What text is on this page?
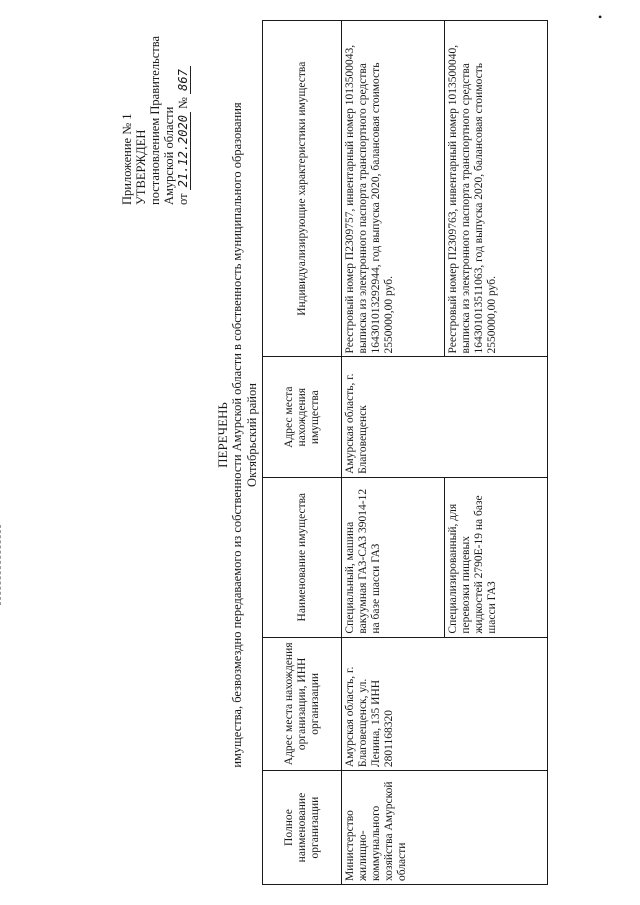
Приложение № 1 УТВЕРЖДЕН постановлением Правительства Амурской области от 21.12.2020 № 867
ПЕРЕЧЕНЬ имущества, безвозмездно передаваемого из собственности Амурской области в собственность муниципального образования Октябрьский район
Полное наименование организации	Адрес места нахождения организации, ИНН организации	Наименование имущества	Адрес места нахождения имущества	Индивидуализирующие характеристики имущества
Министерство жилищно-коммунального хозяйства Амурской области	Амурская область, г. Благовещенск, ул. Ленина, 135 ИНН 2801168320	Специальный, машина вакуумная ГАЗ-САЗ 39014-12 на базе шасси ГАЗ	Амурская область, г. Благовещенск	Реестровый номер П2309757, инвентарный номер 1013500043, выписка из электронного паспорта транспортного средства 164301013292944, год выпуска 2020, балансовая стоимость 2550000,00 руб.
		Специализированный, для перевозки пищевых жидкостей 2790Е-19 на базе шасси ГАЗ		Реестровый номер П2309763, инвентарный номер 1013500040, выписка из электронного паспорта транспортного средства 164301013511063, год выпуска 2020, балансовая стоимость 2550000,00 руб.
•
